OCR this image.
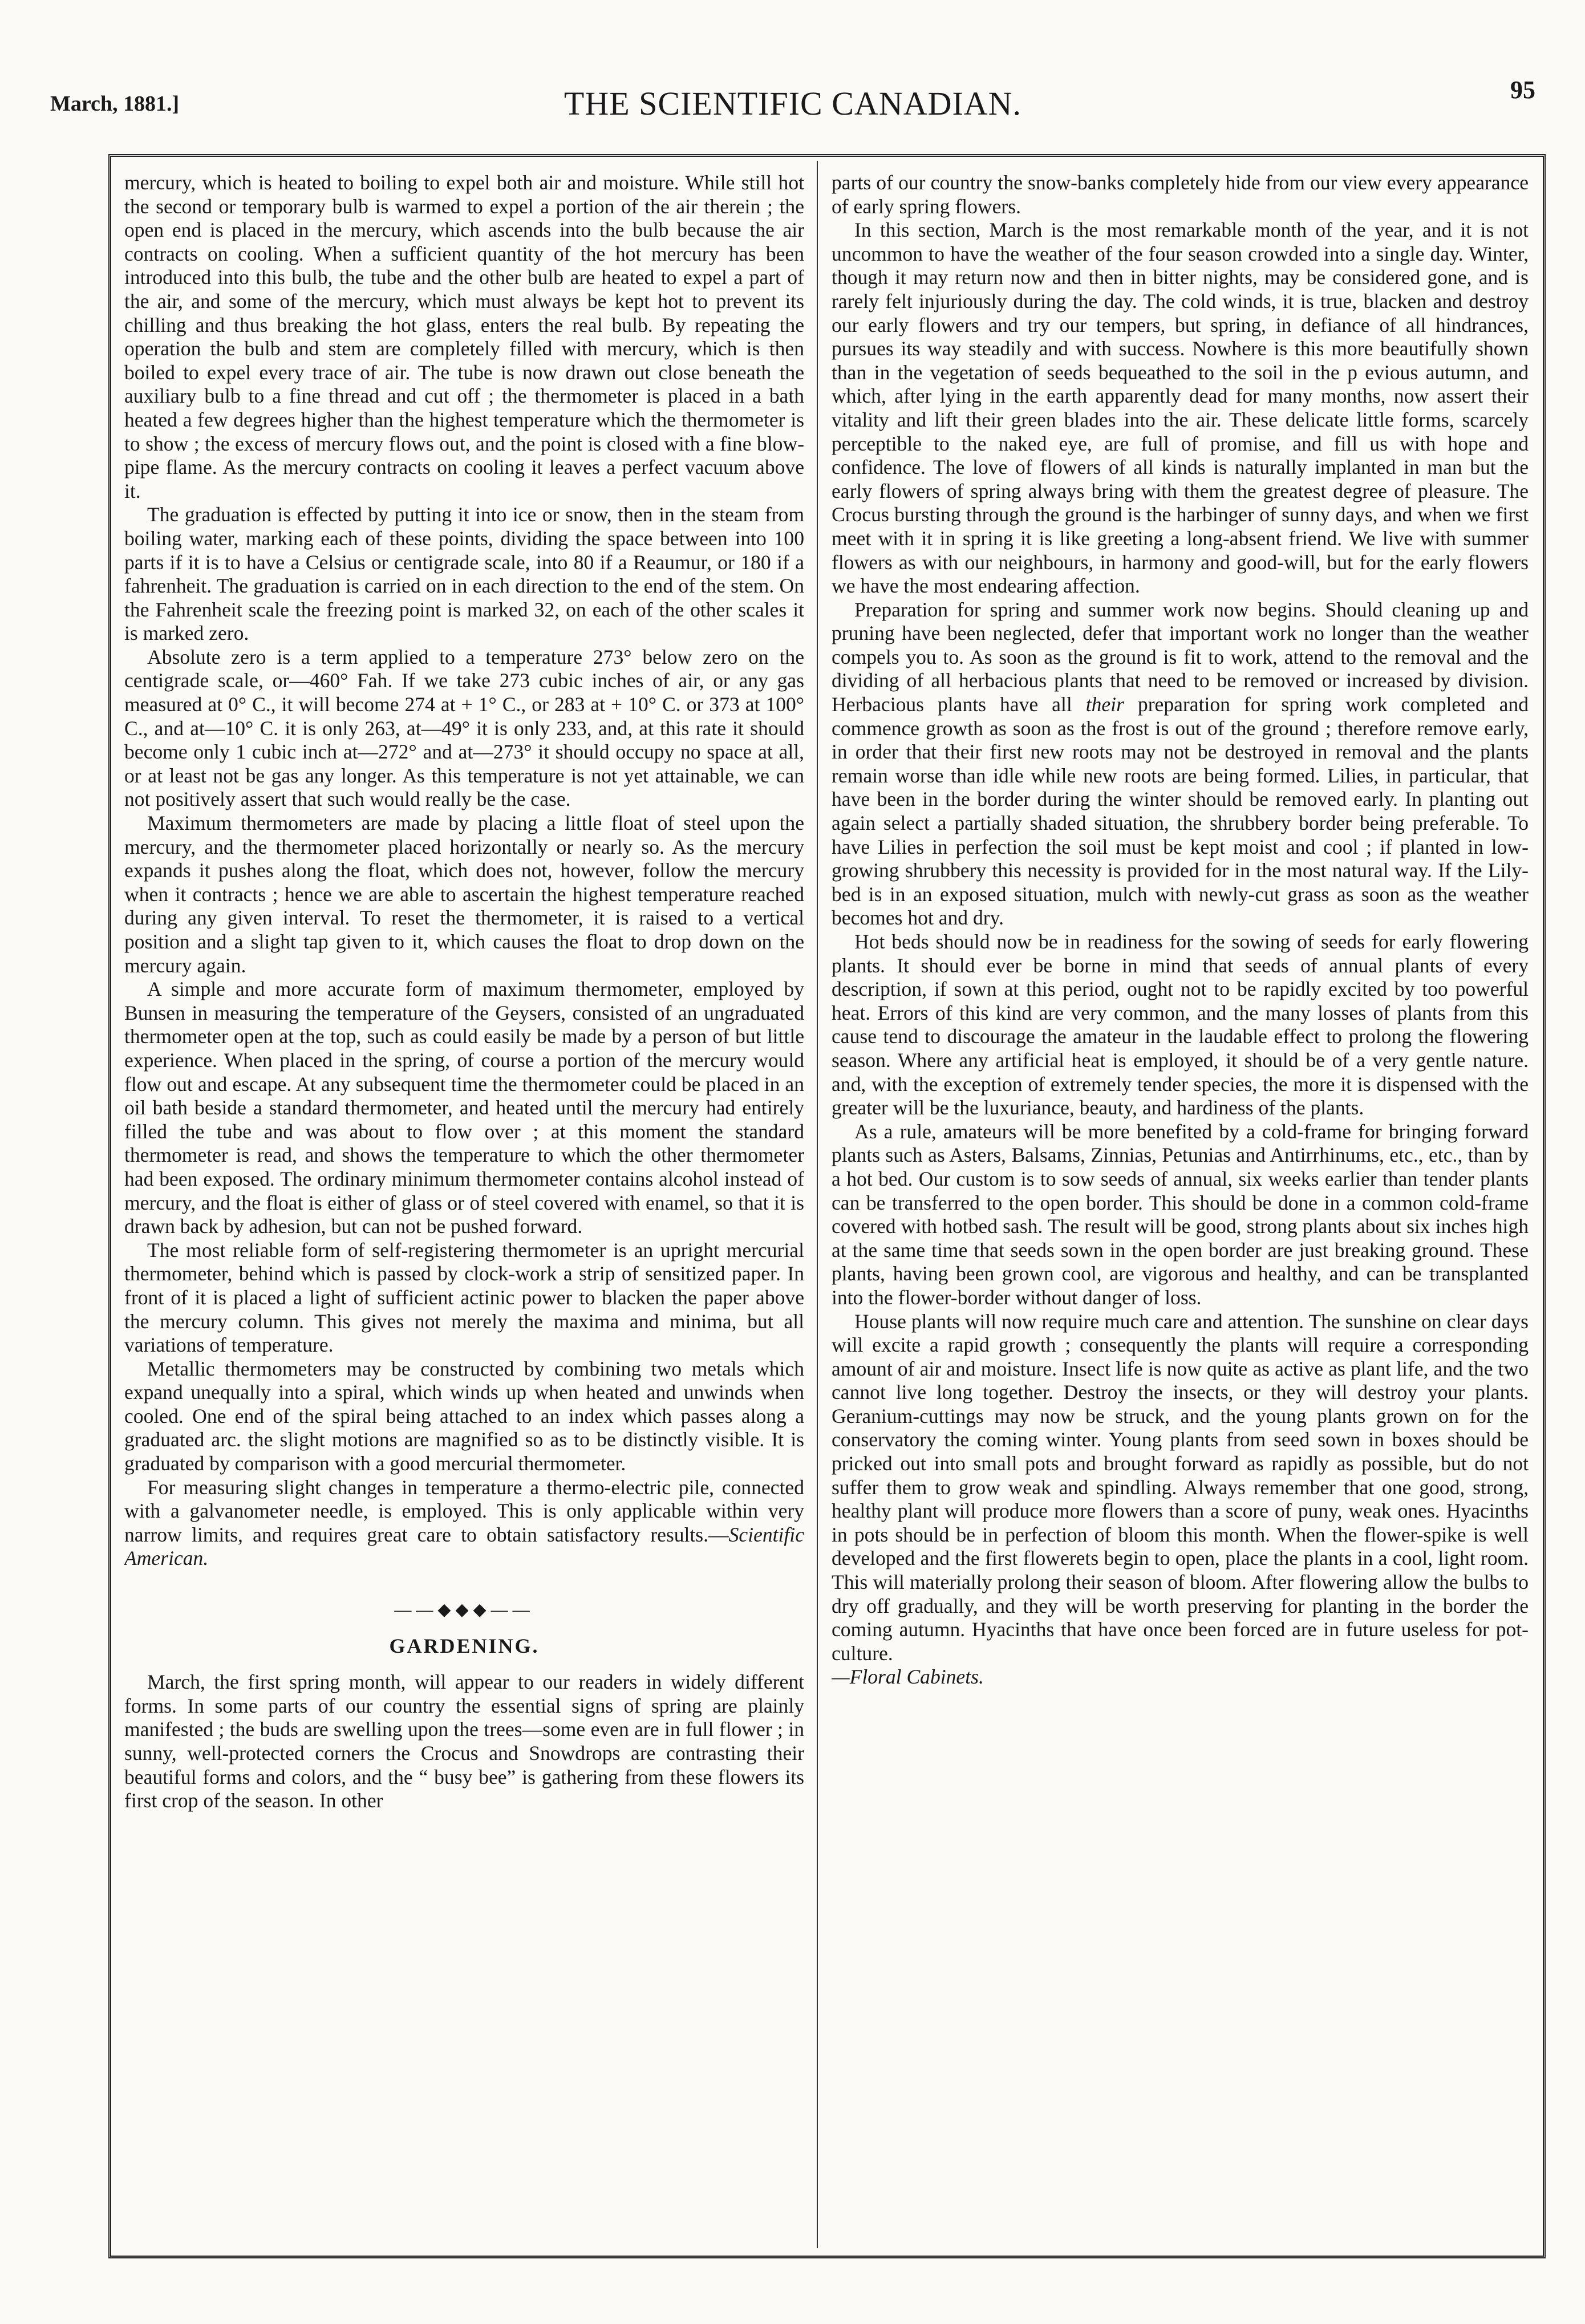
March, 1881.]	THE SCIENTIFIC CANADIAN.	95

mercury, which is heated to boiling to expel both air and moisture. While still hot the second or temporary bulb is warmed to expel a portion of the air therein ; the open end is placed in the mercury, which ascends into the bulb because the air contracts on cooling. When a sufficient quantity of the hot mercury has been introduced into this bulb, the tube and the other bulb are heated to expel a part of the air, and some of the mercury, which must always be kept hot to prevent its chilling and thus breaking the hot glass, enters the real bulb. By repeating the operation the bulb and stem are completely filled with mercury, which is then boiled to expel every trace of air. The tube is now drawn out close beneath the auxiliary bulb to a fine thread and cut off ; the thermometer is placed in a bath heated a few degrees higher than the highest temperature which the thermometer is to show ; the excess of mercury flows out, and the point is closed with a fine blow-pipe flame. As the mercury contracts on cooling it leaves a perfect vacuum above it.

The graduation is effected by putting it into ice or snow, then in the steam from boiling water, marking each of these points, dividing the space between into 100 parts if it is to have a Celsius or centigrade scale, into 80 if a Reaumur, or 180 if a fahrenheit. The graduation is carried on in each direction to the end of the stem. On the Fahrenheit scale the freezing point is marked 32, on each of the other scales it is marked zero.

Absolute zero is a term applied to a temperature 273° below zero on the centigrade scale, or—460° Fah. If we take 273 cubic inches of air, or any gas measured at 0° C., it will become 274 at + 1° C., or 283 at + 10° C. or 373 at 100° C., and at—10° C. it is only 263, at—49° it is only 233, and, at this rate it should become only 1 cubic inch at—272° and at—273° it should occupy no space at all, or at least not be gas any longer. As this temperature is not yet attainable, we can not positively assert that such would really be the case.

Maximum thermometers are made by placing a little float of steel upon the mercury, and the thermometer placed horizontally or nearly so. As the mercury expands it pushes along the float, which does not, however, follow the mercury when it contracts ; hence we are able to ascertain the highest temperature reached during any given interval. To reset the thermometer, it is raised to a vertical position and a slight tap given to it, which causes the float to drop down on the mercury again.

A simple and more accurate form of maximum thermometer, employed by Bunsen in measuring the temperature of the Geysers, consisted of an ungraduated thermometer open at the top, such as could easily be made by a person of but little experience. When placed in the spring, of course a portion of the mercury would flow out and escape. At any subsequent time the thermometer could be placed in an oil bath beside a standard thermometer, and heated until the mercury had entirely filled the tube and was about to flow over ; at this moment the standard thermometer is read, and shows the temperature to which the other thermometer had been exposed. The ordinary minimum thermometer contains alcohol instead of mercury, and the float is either of glass or of steel covered with enamel, so that it is drawn back by adhesion, but can not be pushed forward.

The most reliable form of self-registering thermometer is an upright mercurial thermometer, behind which is passed by clock-work a strip of sensitized paper. In front of it is placed a light of sufficient actinic power to blacken the paper above the mercury column. This gives not merely the maxima and minima, but all variations of temperature.

Metallic thermometers may be constructed by combining two metals which expand unequally into a spiral, which winds up when heated and unwinds when cooled. One end of the spiral being attached to an index which passes along a graduated arc. the slight motions are magnified so as to be distinctly visible. It is graduated by comparison with a good mercurial thermometer.

For measuring slight changes in temperature a thermo-electric pile, connected with a galvanometer needle, is employed. This is only applicable within very narrow limits, and requires great care to obtain satisfactory results.—Scientific American.

——◆◆◆——
GARDENING.

March, the first spring month, will appear to our readers in widely different forms. In some parts of our country the essential signs of spring are plainly manifested ; the buds are swelling upon the trees—some even are in full flower ; in sunny, well-protected corners the Crocus and Snowdrops are contrasting their beautiful forms and colors, and the “ busy bee” is gathering from these flowers its first crop of the season. In other

parts of our country the snow-banks completely hide from our view every appearance of early spring flowers.

In this section, March is the most remarkable month of the year, and it is not uncommon to have the weather of the four season crowded into a single day. Winter, though it may return now and then in bitter nights, may be considered gone, and is rarely felt injuriously during the day. The cold winds, it is true, blacken and destroy our early flowers and try our tempers, but spring, in defiance of all hindrances, pursues its way steadily and with success. Nowhere is this more beautifully shown than in the vegetation of seeds bequeathed to the soil in the p evious autumn, and which, after lying in the earth apparently dead for many months, now assert their vitality and lift their green blades into the air. These delicate little forms, scarcely perceptible to the naked eye, are full of promise, and fill us with hope and confidence. The love of flowers of all kinds is naturally implanted in man but the early flowers of spring always bring with them the greatest degree of pleasure. The Crocus bursting through the ground is the harbinger of sunny days, and when we first meet with it in spring it is like greeting a long-absent friend. We live with summer flowers as with our neighbours, in harmony and good-will, but for the early flowers we have the most endearing affection.

Preparation for spring and summer work now begins. Should cleaning up and pruning have been neglected, defer that important work no longer than the weather compels you to. As soon as the ground is fit to work, attend to the removal and the dividing of all herbacious plants that need to be removed or increased by division. Herbacious plants have all their preparation for spring work completed and commence growth as soon as the frost is out of the ground ; therefore remove early, in order that their first new roots may not be destroyed in removal and the plants remain worse than idle while new roots are being formed. Lilies, in particular, that have been in the border during the winter should be removed early. In planting out again select a partially shaded situation, the shrubbery border being preferable. To have Lilies in perfection the soil must be kept moist and cool ; if planted in low-growing shrubbery this necessity is provided for in the most natural way. If the Lily-bed is in an exposed situation, mulch with newly-cut grass as soon as the weather becomes hot and dry.

Hot beds should now be in readiness for the sowing of seeds for early flowering plants. It should ever be borne in mind that seeds of annual plants of every description, if sown at this period, ought not to be rapidly excited by too powerful heat. Errors of this kind are very common, and the many losses of plants from this cause tend to discourage the amateur in the laudable effect to prolong the flowering season. Where any artificial heat is employed, it should be of a very gentle nature. and, with the exception of extremely tender species, the more it is dispensed with the greater will be the luxuriance, beauty, and hardiness of the plants.

As a rule, amateurs will be more benefited by a cold-frame for bringing forward plants such as Asters, Balsams, Zinnias, Petunias and Antirrhinums, etc., etc., than by a hot bed. Our custom is to sow seeds of annual, six weeks earlier than tender plants can be transferred to the open border. This should be done in a common cold-frame covered with hotbed sash. The result will be good, strong plants about six inches high at the same time that seeds sown in the open border are just breaking ground. These plants, having been grown cool, are vigorous and healthy, and can be transplanted into the flower-border without danger of loss.

House plants will now require much care and attention. The sunshine on clear days will excite a rapid growth ; consequently the plants will require a corresponding amount of air and moisture. Insect life is now quite as active as plant life, and the two cannot live long together. Destroy the insects, or they will destroy your plants. Geranium-cuttings may now be struck, and the young plants grown on for the conservatory the coming winter. Young plants from seed sown in boxes should be pricked out into small pots and brought forward as rapidly as possible, but do not suffer them to grow weak and spindling. Always remember that one good, strong, healthy plant will produce more flowers than a score of puny, weak ones. Hyacinths in pots should be in perfection of bloom this month. When the flower-spike is well developed and the first flowerets begin to open, place the plants in a cool, light room. This will materially prolong their season of bloom. After flowering allow the bulbs to dry off gradually, and they will be worth preserving for planting in the border the coming autumn. Hyacinths that have once been forced are in future useless for pot-culture.

—Floral Cabinets.
